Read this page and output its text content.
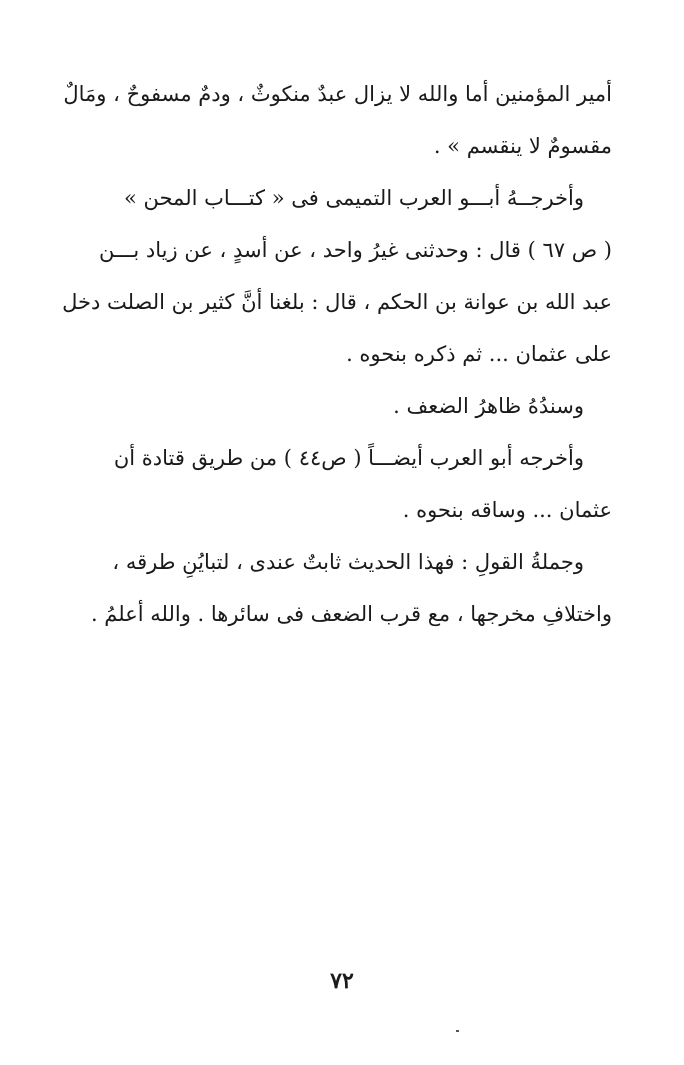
أمير المؤمنين أما والله لا يزال عبدٌ منكوثٌ ، ودمٌ مسفوحٌ ، ومَالٌ
مقسومٌ لا ينقسم » .
وأخرجــهُ أبـــو العرب التميمى فى « كتـــاب المحن »
( ص ٦٧ ) قال : وحدثنى غيرُ واحد ، عن أسدٍ ، عن زياد بـــن
عبد الله بن عوانة بن الحكم ، قال : بلغنا أنَّ كثير بن الصلت دخل
على عثمان ... ثم ذكره بنحوه .
وسندُهُ ظاهرُ الضعف .
وأخرجه أبو العرب أيضـــاً ( ص٤٤ ) من طريق قتادة أن
عثمان ... وساقه بنحوه .
وجملةُ القولِ : فهذا الحديث ثابتٌ عندى ، لتبايُنِ طرقه ،
واختلافِ مخرجها ، مع قرب الضعف فى سائرها . والله أعلمُ .
٧٢
